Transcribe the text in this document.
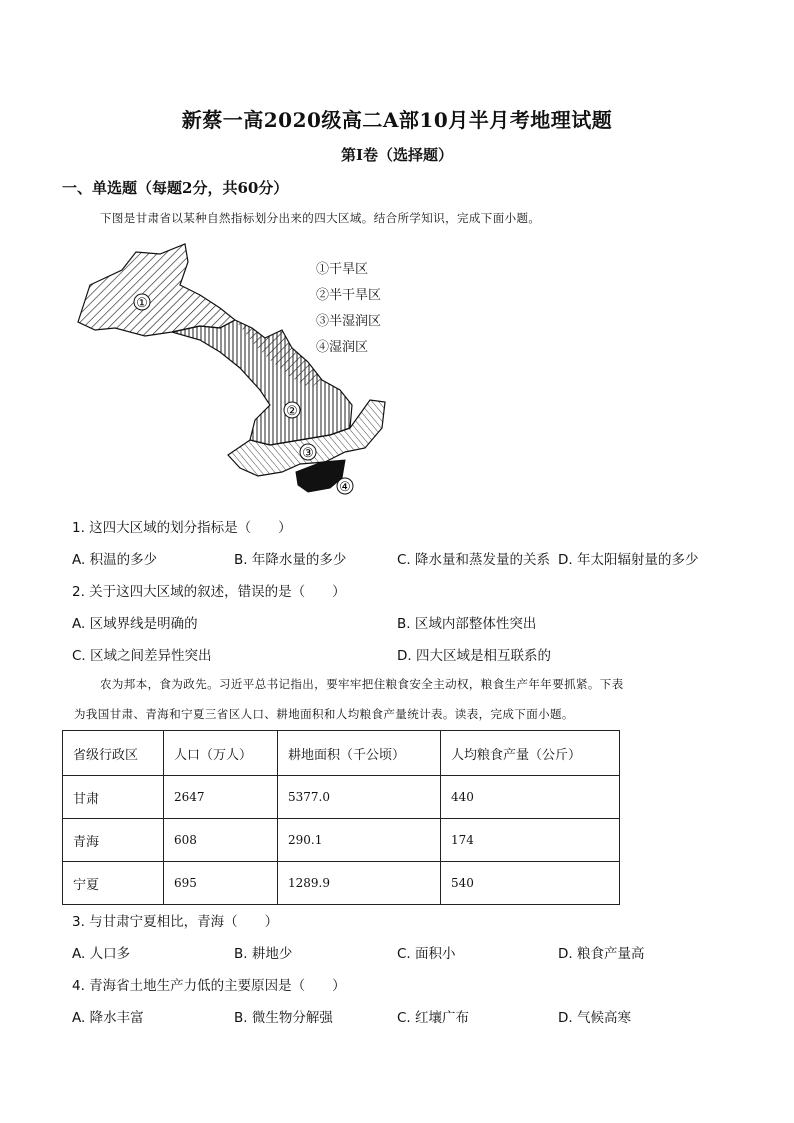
新蔡一高2020级高二A部10月半月考地理试题
第I卷（选择题）
一、单选题（每题2分，共60分）
下图是甘肃省以某种自然指标划分出来的四大区域。结合所学知识，完成下面小题。
①
②
③
④
①干旱区
②半干旱区
③半湿润区
④湿润区
1. 这四大区域的划分指标是（　　）
A. 积温的多少	B. 年降水量的多少	C. 降水量和蒸发量的关系 D. 年太阳辐射量的多少
2. 关于这四大区域的叙述，错误的是（　　）
A. 区域界线是明确的	B. 区域内部整体性突出
C. 区域之间差异性突出	D. 四大区域是相互联系的
农为邦本，食为政先。习近平总书记指出，要牢牢把住粮食安全主动权，粮食生产年年要抓紧。下表
为我国甘肃、青海和宁夏三省区人口、耕地面积和人均粮食产量统计表。读表，完成下面小题。
省级行政区	人口（万人）	耕地面积（千公顷）	人均粮食产量（公斤）
甘肃	2647	5377.0	440
青海	608	290.1	174
宁夏	695	1289.9	540
3. 与甘肃宁夏相比，青海（　　）
A. 人口多	B. 耕地少	C. 面积小	D. 粮食产量高
4. 青海省土地生产力低的主要原因是（　　）
A. 降水丰富	B. 微生物分解强	C. 红壤广布	D. 气候高寒
